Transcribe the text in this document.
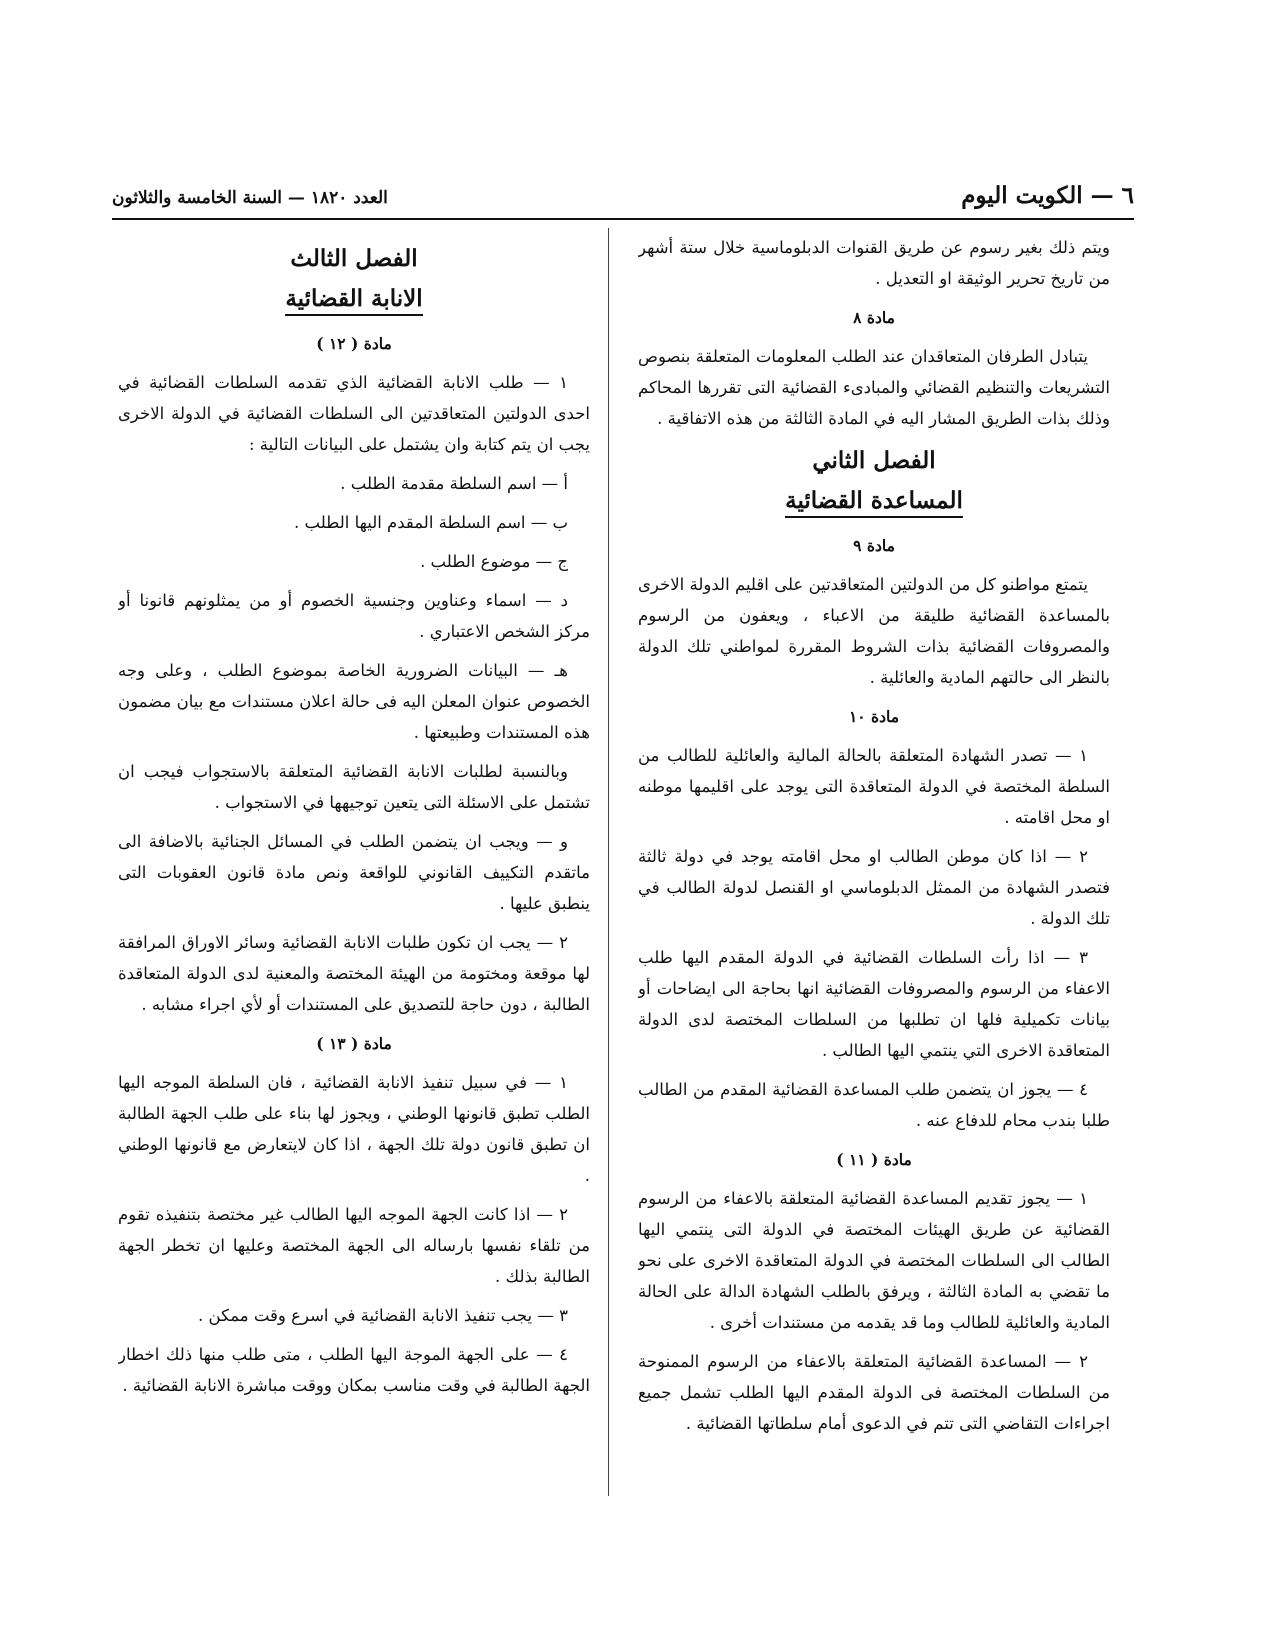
٦ — الكويت اليوم
العدد ١٨٢٠ — السنة الخامسة والثلاثون

ويتم ذلك بغير رسوم عن طريق القنوات الدبلوماسية خلال ستة أشهر من تاريخ تحرير الوثيقة او التعديل .

مادة ٨

يتبادل الطرفان المتعاقدان عند الطلب المعلومات المتعلقة بنصوص التشريعات والتنظيم القضائي والمبادىء القضائية التى تقررها المحاكم وذلك بذات الطريق المشار اليه في المادة الثالثة من هذه الاتفاقية .

الفصل الثاني
المساعدة القضائية
مادة ٩

يتمتع مواطنو كل من الدولتين المتعاقدتين على اقليم الدولة الاخرى بالمساعدة القضائية طليقة من الاعباء ، ويعفون من الرسوم والمصروفات القضائية بذات الشروط المقررة لمواطني تلك الدولة بالنظر الى حالتهم المادية والعائلية .

مادة ١٠

١ — تصدر الشهادة المتعلقة بالحالة المالية والعائلية للطالب من السلطة المختصة في الدولة المتعاقدة التى يوجد على اقليمها موطنه او محل اقامته .

٢ — اذا كان موطن الطالب او محل اقامته يوجد في دولة ثالثة فتصدر الشهادة من الممثل الدبلوماسي او القنصل لدولة الطالب في تلك الدولة .

٣ — اذا رأت السلطات القضائية في الدولة المقدم اليها طلب الاعفاء من الرسوم والمصروفات القضائية انها بحاجة الى ايضاحات أو بيانات تكميلية فلها ان تطلبها من السلطات المختصة لدى الدولة المتعاقدة الاخرى التي ينتمي اليها الطالب .

٤ — يجوز ان يتضمن طلب المساعدة القضائية المقدم من الطالب طلبا بندب محام للدفاع عنه .

مادة ( ١١ )

١ — يجوز تقديم المساعدة القضائية المتعلقة بالاعفاء من الرسوم القضائية عن طريق الهيئات المختصة في الدولة التى ينتمي اليها الطالب الى السلطات المختصة في الدولة المتعاقدة الاخرى على نحو ما تقضي به المادة الثالثة ، ويرفق بالطلب الشهادة الدالة على الحالة المادية والعائلية للطالب وما قد يقدمه من مستندات أخرى .

٢ — المساعدة القضائية المتعلقة بالاعفاء من الرسوم الممنوحة من السلطات المختصة فى الدولة المقدم اليها الطلب تشمل جميع اجراءات التقاضي التى تتم في الدعوى أمام سلطاتها القضائية .

الفصل الثالث
الانابة القضائية
مادة ( ١٢ )

١ — طلب الانابة القضائية الذي تقدمه السلطات القضائية في احدى الدولتين المتعاقدتين الى السلطات القضائية في الدولة الاخرى يجب ان يتم كتابة وان يشتمل على البيانات التالية :

أ — اسم السلطة مقدمة الطلب .

ب — اسم السلطة المقدم اليها الطلب .

ج — موضوع الطلب .

د — اسماء وعناوين وجنسية الخصوم أو من يمثلونهم قانونا أو مركز الشخص الاعتباري .

هـ — البيانات الضرورية الخاصة بموضوع الطلب ، وعلى وجه الخصوص عنوان المعلن اليه فى حالة اعلان مستندات مع بيان مضمون هذه المستندات وطبيعتها .

وبالنسبة لطلبات الانابة القضائية المتعلقة بالاستجواب فيجب ان تشتمل على الاسئلة التى يتعين توجيهها في الاستجواب .

و — ويجب ان يتضمن الطلب في المسائل الجنائية بالاضافة الى ماتقدم التكييف القانوني للواقعة ونص مادة قانون العقوبات التى ينطبق عليها .

٢ — يجب ان تكون طلبات الانابة القضائية وسائر الاوراق المرافقة لها موقعة ومختومة من الهيئة المختصة والمعنية لدى الدولة المتعاقدة الطالبة ، دون حاجة للتصديق على المستندات أو لأي اجراء مشابه .

مادة ( ١٣ )

١ — في سبيل تنفيذ الانابة القضائية ، فان السلطة الموجه اليها الطلب تطبق قانونها الوطني ، ويجوز لها بناء على طلب الجهة الطالبة ان تطبق قانون دولة تلك الجهة ، اذا كان لايتعارض مع قانونها الوطني .

٢ — اذا كانت الجهة الموجه اليها الطالب غير مختصة بتنفيذه تقوم من تلقاء نفسها بارساله الى الجهة المختصة وعليها ان تخطر الجهة الطالبة بذلك .

٣ — يجب تنفيذ الانابة القضائية في اسرع وقت ممكن .

٤ — على الجهة الموجة اليها الطلب ، متى طلب منها ذلك اخطار الجهة الطالبة في وقت مناسب بمكان ووقت مباشرة الانابة القضائية .
